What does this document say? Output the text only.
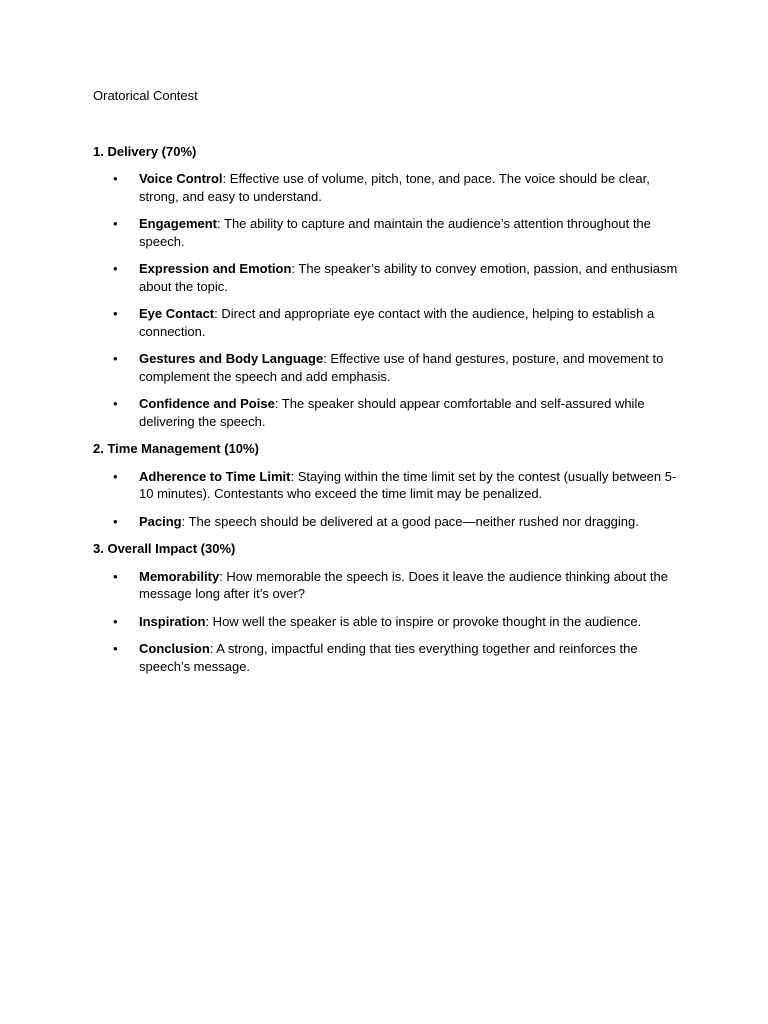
Oratorical Contest

1. Delivery (70%)

• Voice Control: Effective use of volume, pitch, tone, and pace. The voice should be clear, strong, and easy to understand.
• Engagement: The ability to capture and maintain the audience’s attention throughout the speech.
• Expression and Emotion: The speaker’s ability to convey emotion, passion, and enthusiasm about the topic.
• Eye Contact: Direct and appropriate eye contact with the audience, helping to establish a connection.
• Gestures and Body Language: Effective use of hand gestures, posture, and movement to complement the speech and add emphasis.
• Confidence and Poise: The speaker should appear comfortable and self-assured while delivering the speech.

2. Time Management (10%)

• Adherence to Time Limit: Staying within the time limit set by the contest (usually between 5-10 minutes). Contestants who exceed the time limit may be penalized.
• Pacing: The speech should be delivered at a good pace—neither rushed nor dragging.

3. Overall Impact (30%)

• Memorability: How memorable the speech is. Does it leave the audience thinking about the message long after it’s over?
• Inspiration: How well the speaker is able to inspire or provoke thought in the audience.
• Conclusion: A strong, impactful ending that ties everything together and reinforces the speech’s message.
